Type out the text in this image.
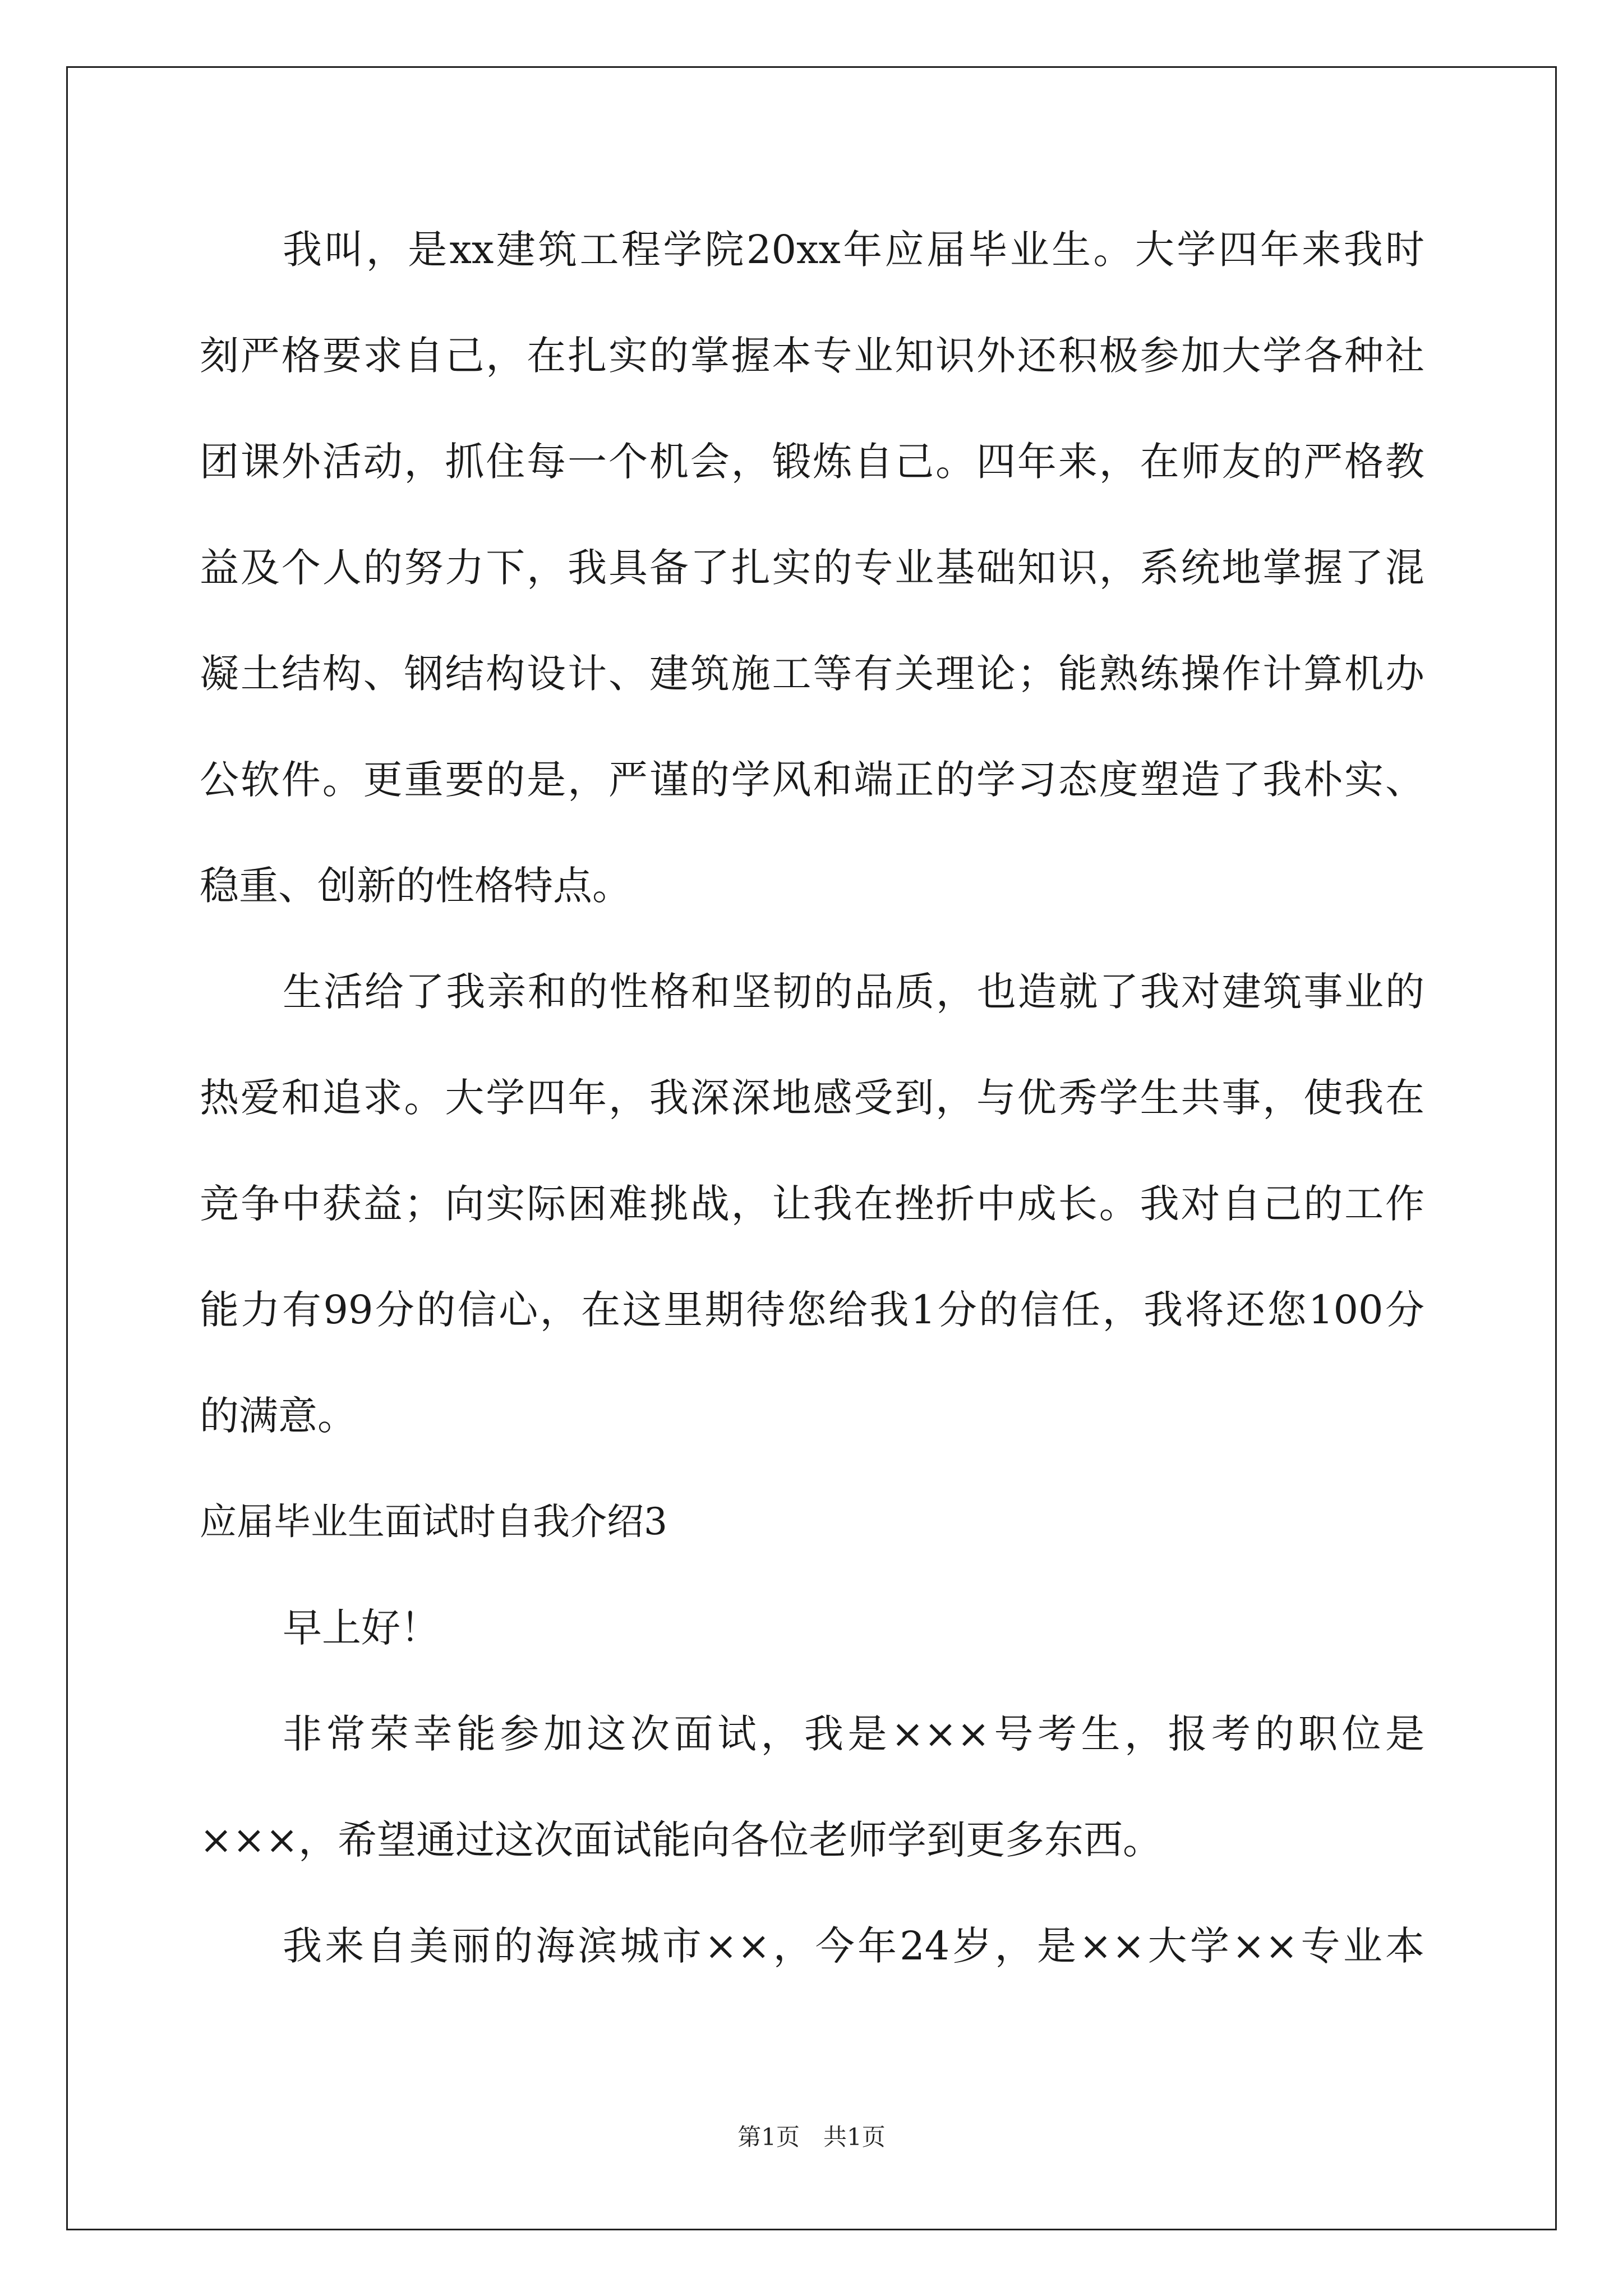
我叫，是xx建筑工程学院20xx年应届毕业生。大学四年来我时
刻严格要求自己，在扎实的掌握本专业知识外还积极参加大学各种社
团课外活动，抓住每一个机会，锻炼自己。四年来，在师友的严格教
益及个人的努力下，我具备了扎实的专业基础知识，系统地掌握了混
凝土结构、钢结构设计、建筑施工等有关理论；能熟练操作计算机办
公软件。更重要的是，严谨的学风和端正的学习态度塑造了我朴实、
稳重、创新的性格特点。
生活给了我亲和的性格和坚韧的品质，也造就了我对建筑事业的
热爱和追求。大学四年，我深深地感受到，与优秀学生共事，使我在
竞争中获益；向实际困难挑战，让我在挫折中成长。我对自己的工作
能力有99分的信心，在这里期待您给我1分的信任，我将还您100分
的满意。
应届毕业生面试时自我介绍3
早上好！
非常荣幸能参加这次面试，我是×××号考生，报考的职位是
×××，希望通过这次面试能向各位老师学到更多东西。
我来自美丽的海滨城市××，今年24岁，是××大学××专业本
第1页　共1页
